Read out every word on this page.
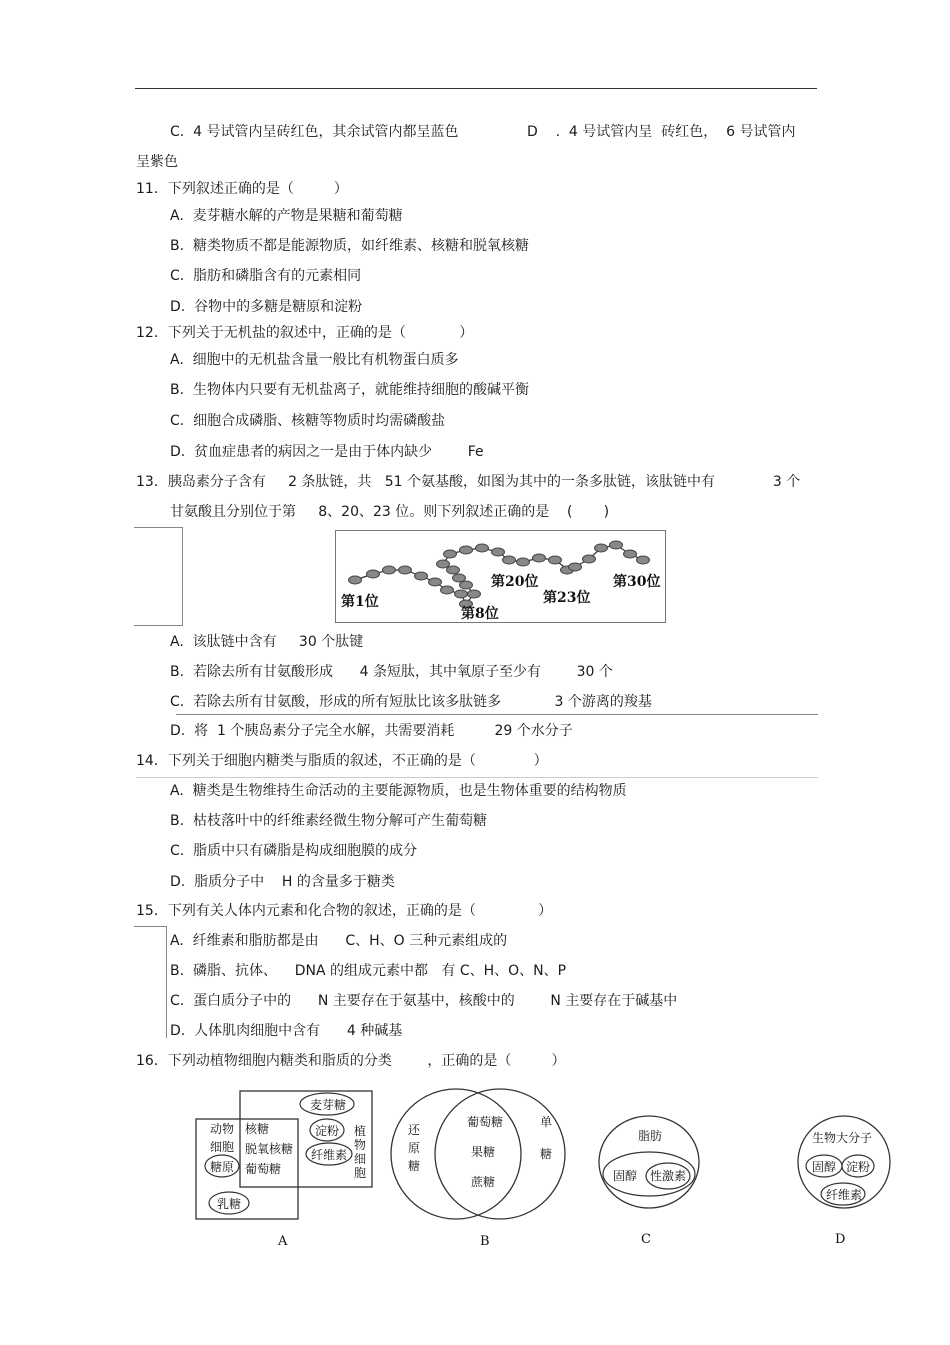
C.  4 号试管内呈砖红色，其余试管内都呈蓝色	D    .  4 号试管内呈  砖红色，  6 号试管内
呈紫色
11．下列叙述正确的是（         ）
A.  麦芽糖水解的产物是果糖和葡萄糖
B.  糖类物质不都是能源物质，如纤维素、核糖和脱氧核糖
C.  脂肪和磷脂含有的元素相同
D.  谷物中的多糖是糖原和淀粉
12．下列关于无机盐的叙述中，正确的是（            ）
A.  细胞中的无机盐含量一般比有机物蛋白质多
B.  生物体内只要有无机盐离子，就能维持细胞的酸碱平衡
C.  细胞合成磷脂、核糖等物质时均需磷酸盐
D.  贫血症患者的病因之一是由于体内缺少        Fe
13．胰岛素分子含有     2 条肽链，共   51 个氨基酸，如图为其中的一条多肽链，该肽链中有             3 个
甘氨酸且分别位于第     8、20、23 位。则下列叙述正确的是    (       )
第1位
第8位
第20位
第23位
第30位
A.  该肽链中含有     30 个肽键
B.  若除去所有甘氨酸形成      4 条短肽，其中氧原子至少有        30 个
C.  若除去所有甘氨酸，形成的所有短肽比该多肽链多            3 个游离的羧基
D.  将  1 个胰岛素分子完全水解，共需要消耗         29 个水分子
14．下列关于细胞内糖类与脂质的叙述，不正确的是（             ）
A.  糖类是生物维持生命活动的主要能源物质，也是生物体重要的结构物质
B.  枯枝落叶中的纤维素经微生物分解可产生葡萄糖
C.  脂质中只有磷脂是构成细胞膜的成分
D.  脂质分子中    H 的含量多于糖类
15．下列有关人体内元素和化合物的叙述，正确的是（              ）
A.  纤维素和脂肪都是由      C、H、O 三种元素组成的
B.  磷脂、抗体、    DNA 的组成元素中都   有 C、H、O、N、P
C.  蛋白质分子中的      N 主要存在于氨基中，核酸中的        N 主要存在于碱基中
D.  人体肌肉细胞中含有      4 种碱基
16．下列动植物细胞内糖类和脂质的分类        ，正确的是（         ）
动物
细胞
核糖
脱氧核糖
葡萄糖
麦芽糖
淀粉
纤维素
糖原
乳糖
植
物
细
胞
A
还
原
糖
单
糖
葡萄糖
果糖
蔗糖
B
脂肪
固醇 性激素
C
生物大分子
固醇 淀粉
纤维素
D
